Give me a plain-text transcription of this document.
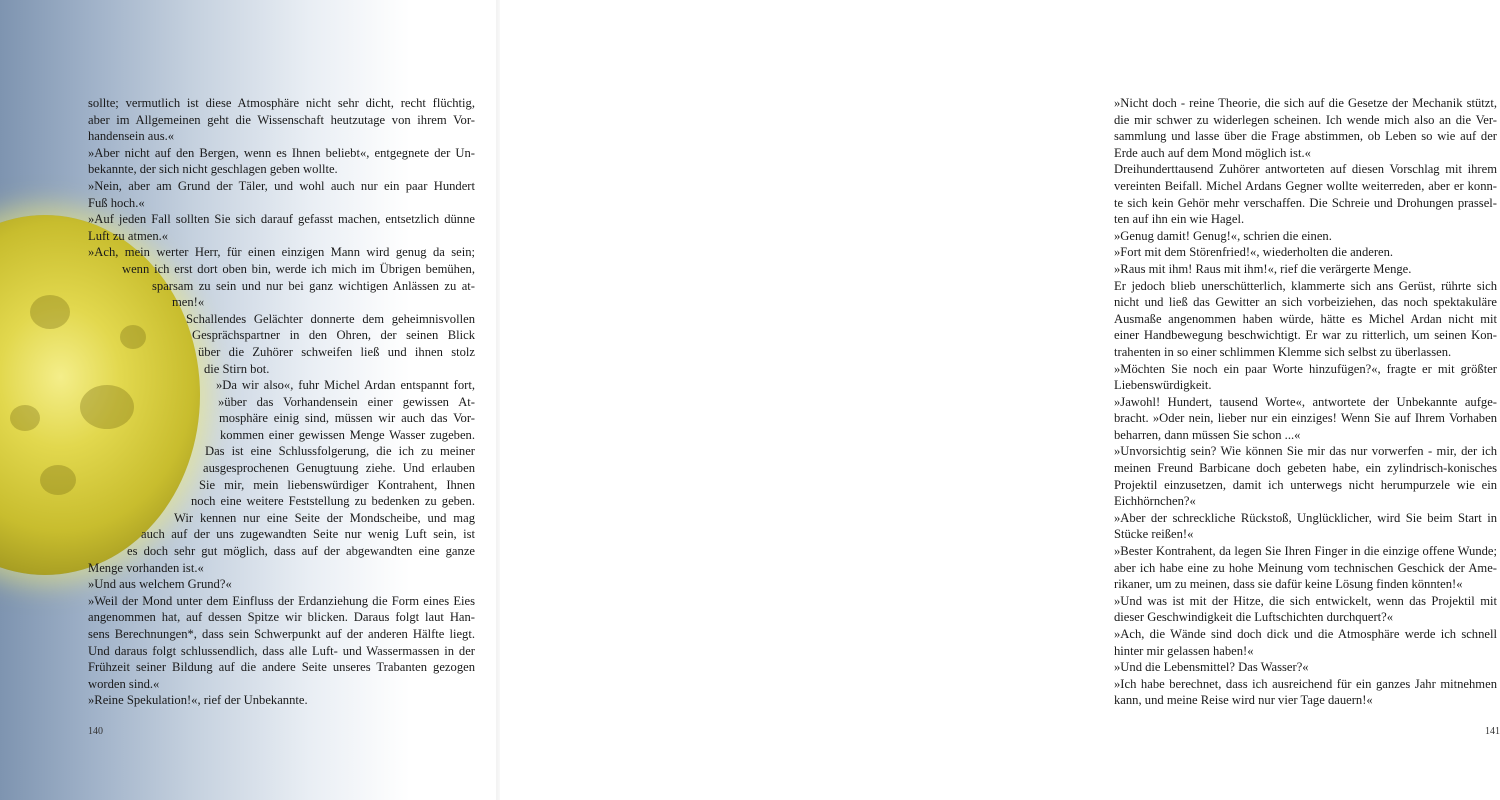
sollte; vermutlich ist diese Atmosphäre nicht sehr dicht, recht flüchtig,
aber im Allgemeinen geht die Wissenschaft heutzutage von ihrem Vor-
handensein aus.«
»Aber nicht auf den Bergen, wenn es Ihnen beliebt«, entgegnete der Un-
bekannte, der sich nicht geschlagen geben wollte.
»Nein, aber am Grund der Täler, und wohl auch nur ein paar Hundert
Fuß hoch.«
»Auf jeden Fall sollten Sie sich darauf gefasst machen, entsetzlich dünne
Luft zu atmen.«
»Ach, mein werter Herr, für einen einzigen Mann wird genug da sein;
wenn ich erst dort oben bin, werde ich mich im Übrigen bemühen,
sparsam zu sein und nur bei ganz wichtigen Anlässen zu at-
men!«
Schallendes Gelächter donnerte dem geheimnisvollen
Gesprächspartner in den Ohren, der seinen Blick
über die Zuhörer schweifen ließ und ihnen stolz
die Stirn bot.
»Da wir also«, fuhr Michel Ardan entspannt fort,
»über das Vorhandensein einer gewissen At-
mosphäre einig sind, müssen wir auch das Vor-
kommen einer gewissen Menge Wasser zugeben.
Das ist eine Schlussfolgerung, die ich zu meiner
ausgesprochenen Genugtuung ziehe. Und erlauben
Sie mir, mein liebenswürdiger Kontrahent, Ihnen
noch eine weitere Feststellung zu bedenken zu geben.
Wir kennen nur eine Seite der Mondscheibe, und mag
auch auf der uns zugewandten Seite nur wenig Luft sein, ist
es doch sehr gut möglich, dass auf der abgewandten eine ganze
Menge vorhanden ist.«
»Und aus welchem Grund?«
»Weil der Mond unter dem Einfluss der Erdanziehung die Form eines Eies
angenommen hat, auf dessen Spitze wir blicken. Daraus folgt laut Han-
sens Berechnungen*, dass sein Schwerpunkt auf der anderen Hälfte liegt.
Und daraus folgt schlussendlich, dass alle Luft- und Wassermassen in der
Frühzeit seiner Bildung auf die andere Seite unseres Trabanten gezogen
worden sind.«
»Reine Spekulation!«, rief der Unbekannte.
140
»Nicht doch - reine Theorie, die sich auf die Gesetze der Mechanik stützt,
die mir schwer zu widerlegen scheinen. Ich wende mich also an die Ver-
sammlung und lasse über die Frage abstimmen, ob Leben so wie auf der
Erde auch auf dem Mond möglich ist.«
Dreihunderttausend Zuhörer antworteten auf diesen Vorschlag mit ihrem
vereinten Beifall. Michel Ardans Gegner wollte weiterreden, aber er konn-
te sich kein Gehör mehr verschaffen. Die Schreie und Drohungen prassel-
ten auf ihn ein wie Hagel.
»Genug damit! Genug!«, schrien die einen.
»Fort mit dem Störenfried!«, wiederholten die anderen.
»Raus mit ihm! Raus mit ihm!«, rief die verärgerte Menge.
Er jedoch blieb unerschütterlich, klammerte sich ans Gerüst, rührte sich
nicht und ließ das Gewitter an sich vorbeiziehen, das noch spektakuläre
Ausmaße angenommen haben würde, hätte es Michel Ardan nicht mit
einer Handbewegung beschwichtigt. Er war zu ritterlich, um seinen Kon-
trahenten in so einer schlimmen Klemme sich selbst zu überlassen.
»Möchten Sie noch ein paar Worte hinzufügen?«, fragte er mit größter
Liebenswürdigkeit.
»Jawohl! Hundert, tausend Worte«, antwortete der Unbekannte aufge-
bracht. »Oder nein, lieber nur ein einziges! Wenn Sie auf Ihrem Vorhaben
beharren, dann müssen Sie schon ...«
»Unvorsichtig sein? Wie können Sie mir das nur vorwerfen - mir, der ich
meinen Freund Barbicane doch gebeten habe, ein zylindrisch-konisches
Projektil einzusetzen, damit ich unterwegs nicht herumpurzele wie ein
Eichhörnchen?«
»Aber der schreckliche Rückstoß, Unglücklicher, wird Sie beim Start in
Stücke reißen!«
»Bester Kontrahent, da legen Sie Ihren Finger in die einzige offene Wunde;
aber ich habe eine zu hohe Meinung vom technischen Geschick der Ame-
rikaner, um zu meinen, dass sie dafür keine Lösung finden könnten!«
»Und was ist mit der Hitze, die sich entwickelt, wenn das Projektil mit
dieser Geschwindigkeit die Luftschichten durchquert?«
»Ach, die Wände sind doch dick und die Atmosphäre werde ich schnell
hinter mir gelassen haben!«
»Und die Lebensmittel? Das Wasser?«
»Ich habe berechnet, dass ich ausreichend für ein ganzes Jahr mitnehmen
kann, und meine Reise wird nur vier Tage dauern!«
141
